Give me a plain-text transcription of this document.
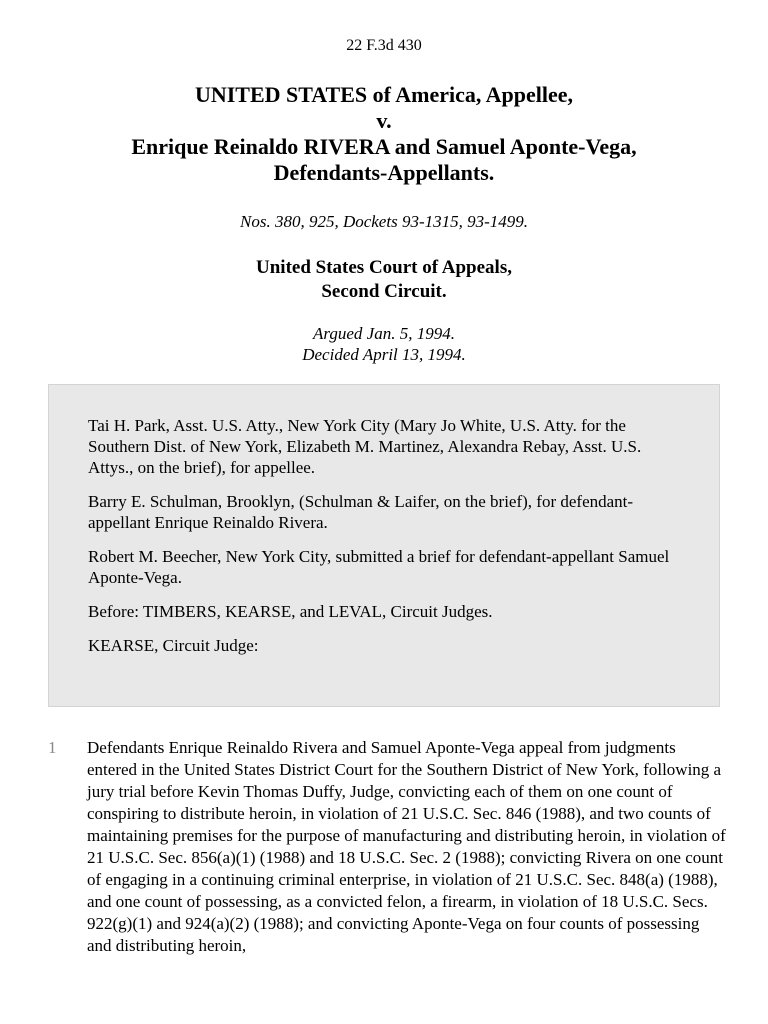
22 F.3d 430
UNITED STATES of America, Appellee,
v.
Enrique Reinaldo RIVERA and Samuel Aponte-Vega,
Defendants-Appellants.
Nos. 380, 925, Dockets 93-1315, 93-1499.
United States Court of Appeals,
Second Circuit.
Argued Jan. 5, 1994.
Decided April 13, 1994.

Tai H. Park, Asst. U.S. Atty., New York City (Mary Jo White, U.S. Atty. for the Southern Dist. of New York, Elizabeth M. Martinez, Alexandra Rebay, Asst. U.S. Attys., on the brief), for appellee.

Barry E. Schulman, Brooklyn, (Schulman & Laifer, on the brief), for defendant-appellant Enrique Reinaldo Rivera.

Robert M. Beecher, New York City, submitted a brief for defendant-appellant Samuel Aponte-Vega.

Before: TIMBERS, KEARSE, and LEVAL, Circuit Judges.

KEARSE, Circuit Judge:

1 Defendants Enrique Reinaldo Rivera and Samuel Aponte-Vega appeal from judgments entered in the United States District Court for the Southern District of New York, following a jury trial before Kevin Thomas Duffy, Judge, convicting each of them on one count of conspiring to distribute heroin, in violation of 21 U.S.C. Sec. 846 (1988), and two counts of maintaining premises for the purpose of manufacturing and distributing heroin, in violation of 21 U.S.C. Sec. 856(a)(1) (1988) and 18 U.S.C. Sec. 2 (1988); convicting Rivera on one count of engaging in a continuing criminal enterprise, in violation of 21 U.S.C. Sec. 848(a) (1988), and one count of possessing, as a convicted felon, a firearm, in violation of 18 U.S.C. Secs. 922(g)(1) and 924(a)(2) (1988); and convicting Aponte-Vega on four counts of possessing and distributing heroin,
